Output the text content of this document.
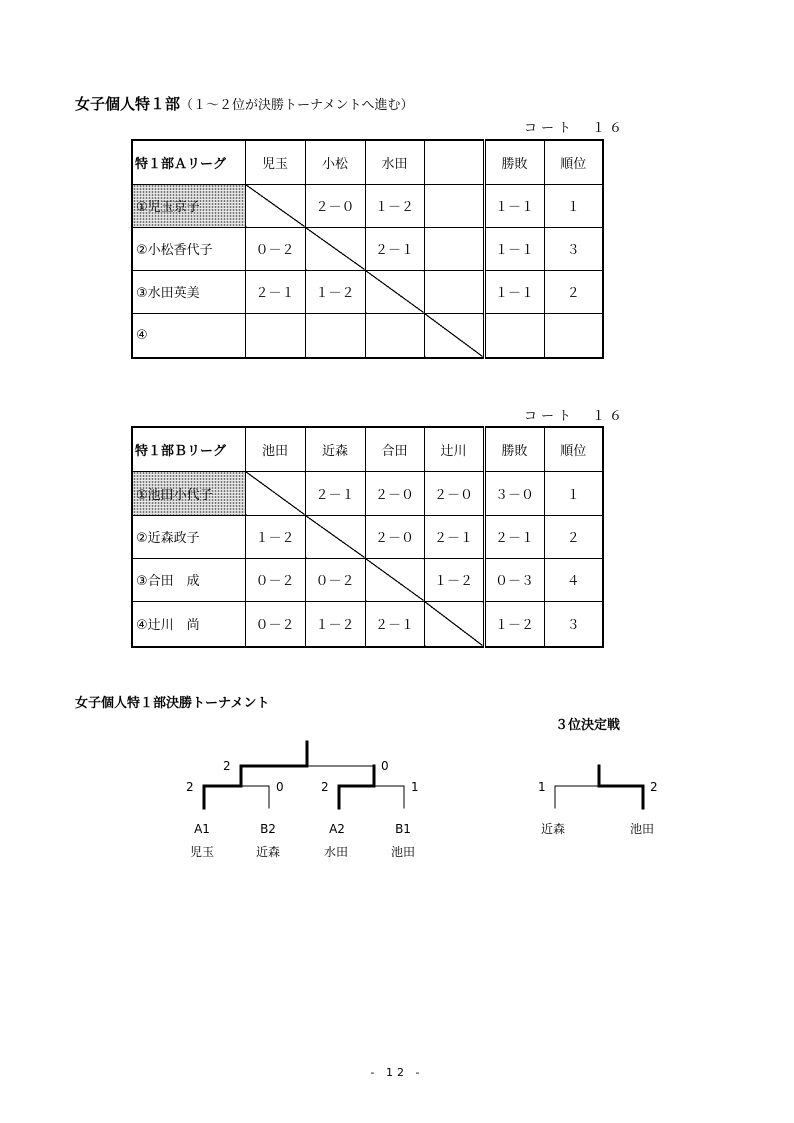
女子個人特１部（１～２位が決勝トーナメントへ進む）
コート　１６
特１部Ａリーグ	児玉	小松	水田		勝敗	順位
①児玉京子		２－０	１－２		１－１	１
②小松香代子	０－２		２－１		１－１	３
③水田英美	２－１	１－２			１－１	２
④						
コート　１６
特１部Ｂリーグ	池田	近森	合田	辻川	勝敗	順位
①池田小代子		２－１	２－０	２－０	３－０	１
②近森政子	１－２		２－０	２－１	２－１	２
③合田　成	０－２	０－２		１－２	０－３	４
④辻川　尚	０－２	１－２	２－１		１－２	３
女子個人特１部決勝トーナメント
３位決定戦
2	0
2	0	2	1	1	2
A1	B2	A2	B1
児玉	近森	水田	池田
近森	池田
- 12 -
